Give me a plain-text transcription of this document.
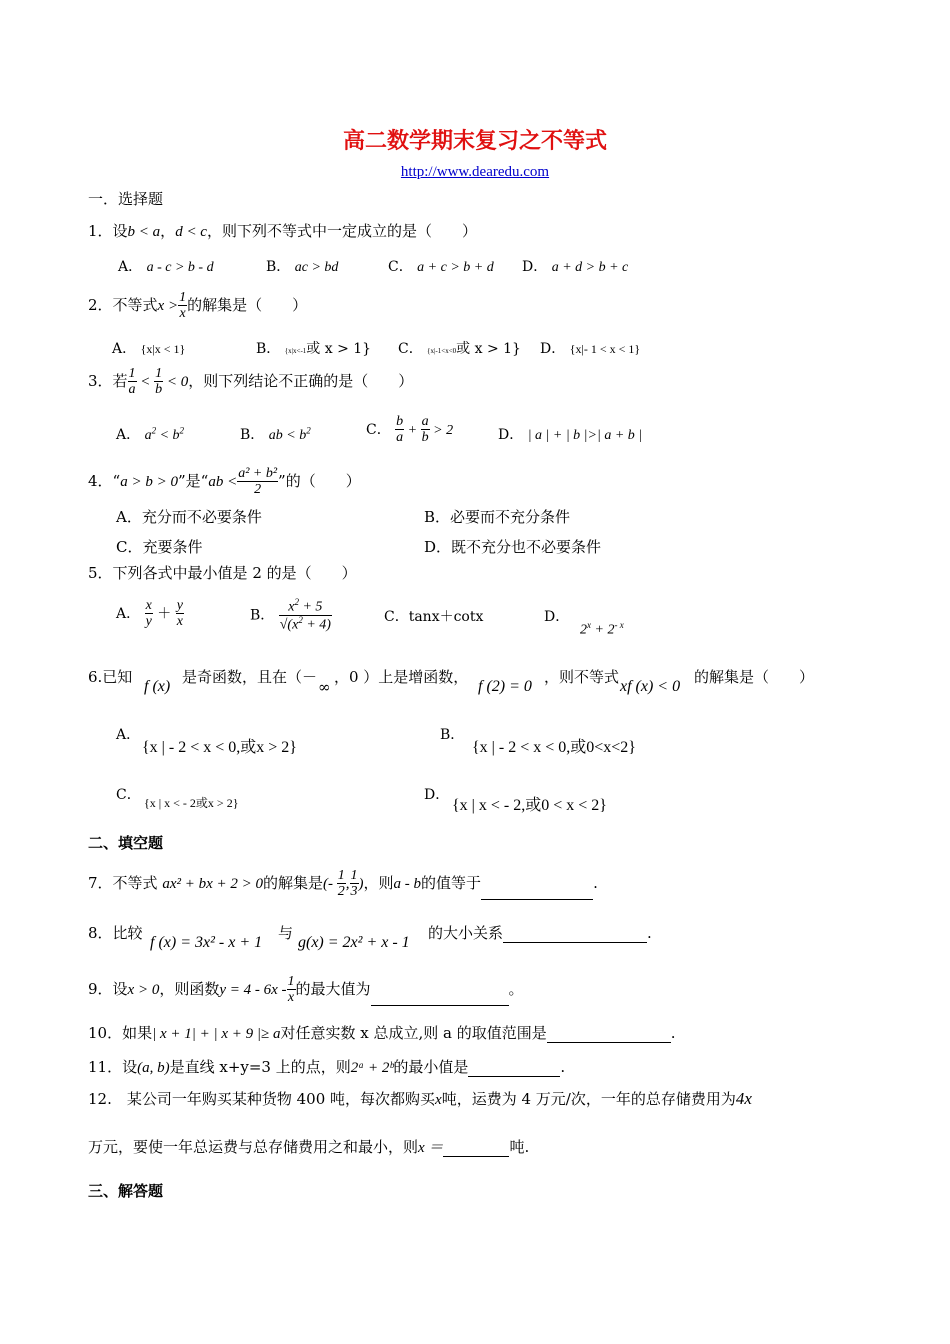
高二数学期末复习之不等式
http://www.dearedu.com
一．选择题
1．设b < a，d < c，则下列不等式中一定成立的是（　　）
A． a - c > b - d	B． ac > bd	C． a + c > b + d D． a + d > b + c
2．不等式$x > \frac{1}{x}$ 的解集是（　　）
A． {x|x < 1}	B． {x|x<-1或 x > 1} C． {x|-1<x<0或 x > 1} D． {x|- 1 < x < 1}
3．若 $\frac{1}{a} < \frac{1}{b} < 0$，则下列结论不正确的是（　　）
A． $a^2 < b^2$	B． ab < $b^2$	C． $\frac{b}{a} + \frac{a}{b} > 2$	D． | a | + | b |>| a + b |
4．“a > b > 0”是“ab < $\frac{\text{a² + b²}}{2}$ ”的（　　）
A．充分而不必要条件	B．必要而不充分条件
C．充要条件	D．既不充分也不必要条件
5．下列各式中最小值是 2 的是（　　）
A． $\frac{x}{y} + \frac{y}{x}$	B． $\frac{x^2 + 5}{√(x^2 + 4)}$	C．tanx＋cotx	D．
$2^x + 2^{- x}$
6.已知
f (x)
是奇函数，且在（－
∞
，0 ）上是增函数，
f (2) = 0
，则不等式
xf (x) < 0
的解集是（　　）
A．
{x | - 2 < x < 0,或x > 2}
B．
{x | - 2 < x < 0,或0<x<2}
C． {x | x < - 2或x > 2}	D．
{x | x < - 2,或0 < x < 2}
二、填空题
7．不等式 ax² + bx + 2 > 0的解集是(- $\frac{1}{2}$ , $\frac{1}{3}$ )，则a - b的值等于	.
8．比较
f (x) = 3x² - x + 1
与
g(x) = 2x² + x - 1
的大小关系	.
9．设x > 0，则函数$y = 4 - 6x - \frac{1}{x}$ 的最大值为	。
10．如果| x + 1| + | x + 9 |≥ a对任意实数 x 总成立,则 a 的取值范围是	.
11．设(a, b)是直线 x+y=3 上的点，则2ᵃ + 2ᵇ的最小值是	.
12.　某公司一年购买某种货物 400 吨，每次都购买x吨，运费为 4 万元/次，一年的总存储费用为4x
万元，要使一年总运费与总存储费用之和最小，则x ＝	吨.
三、解答题
